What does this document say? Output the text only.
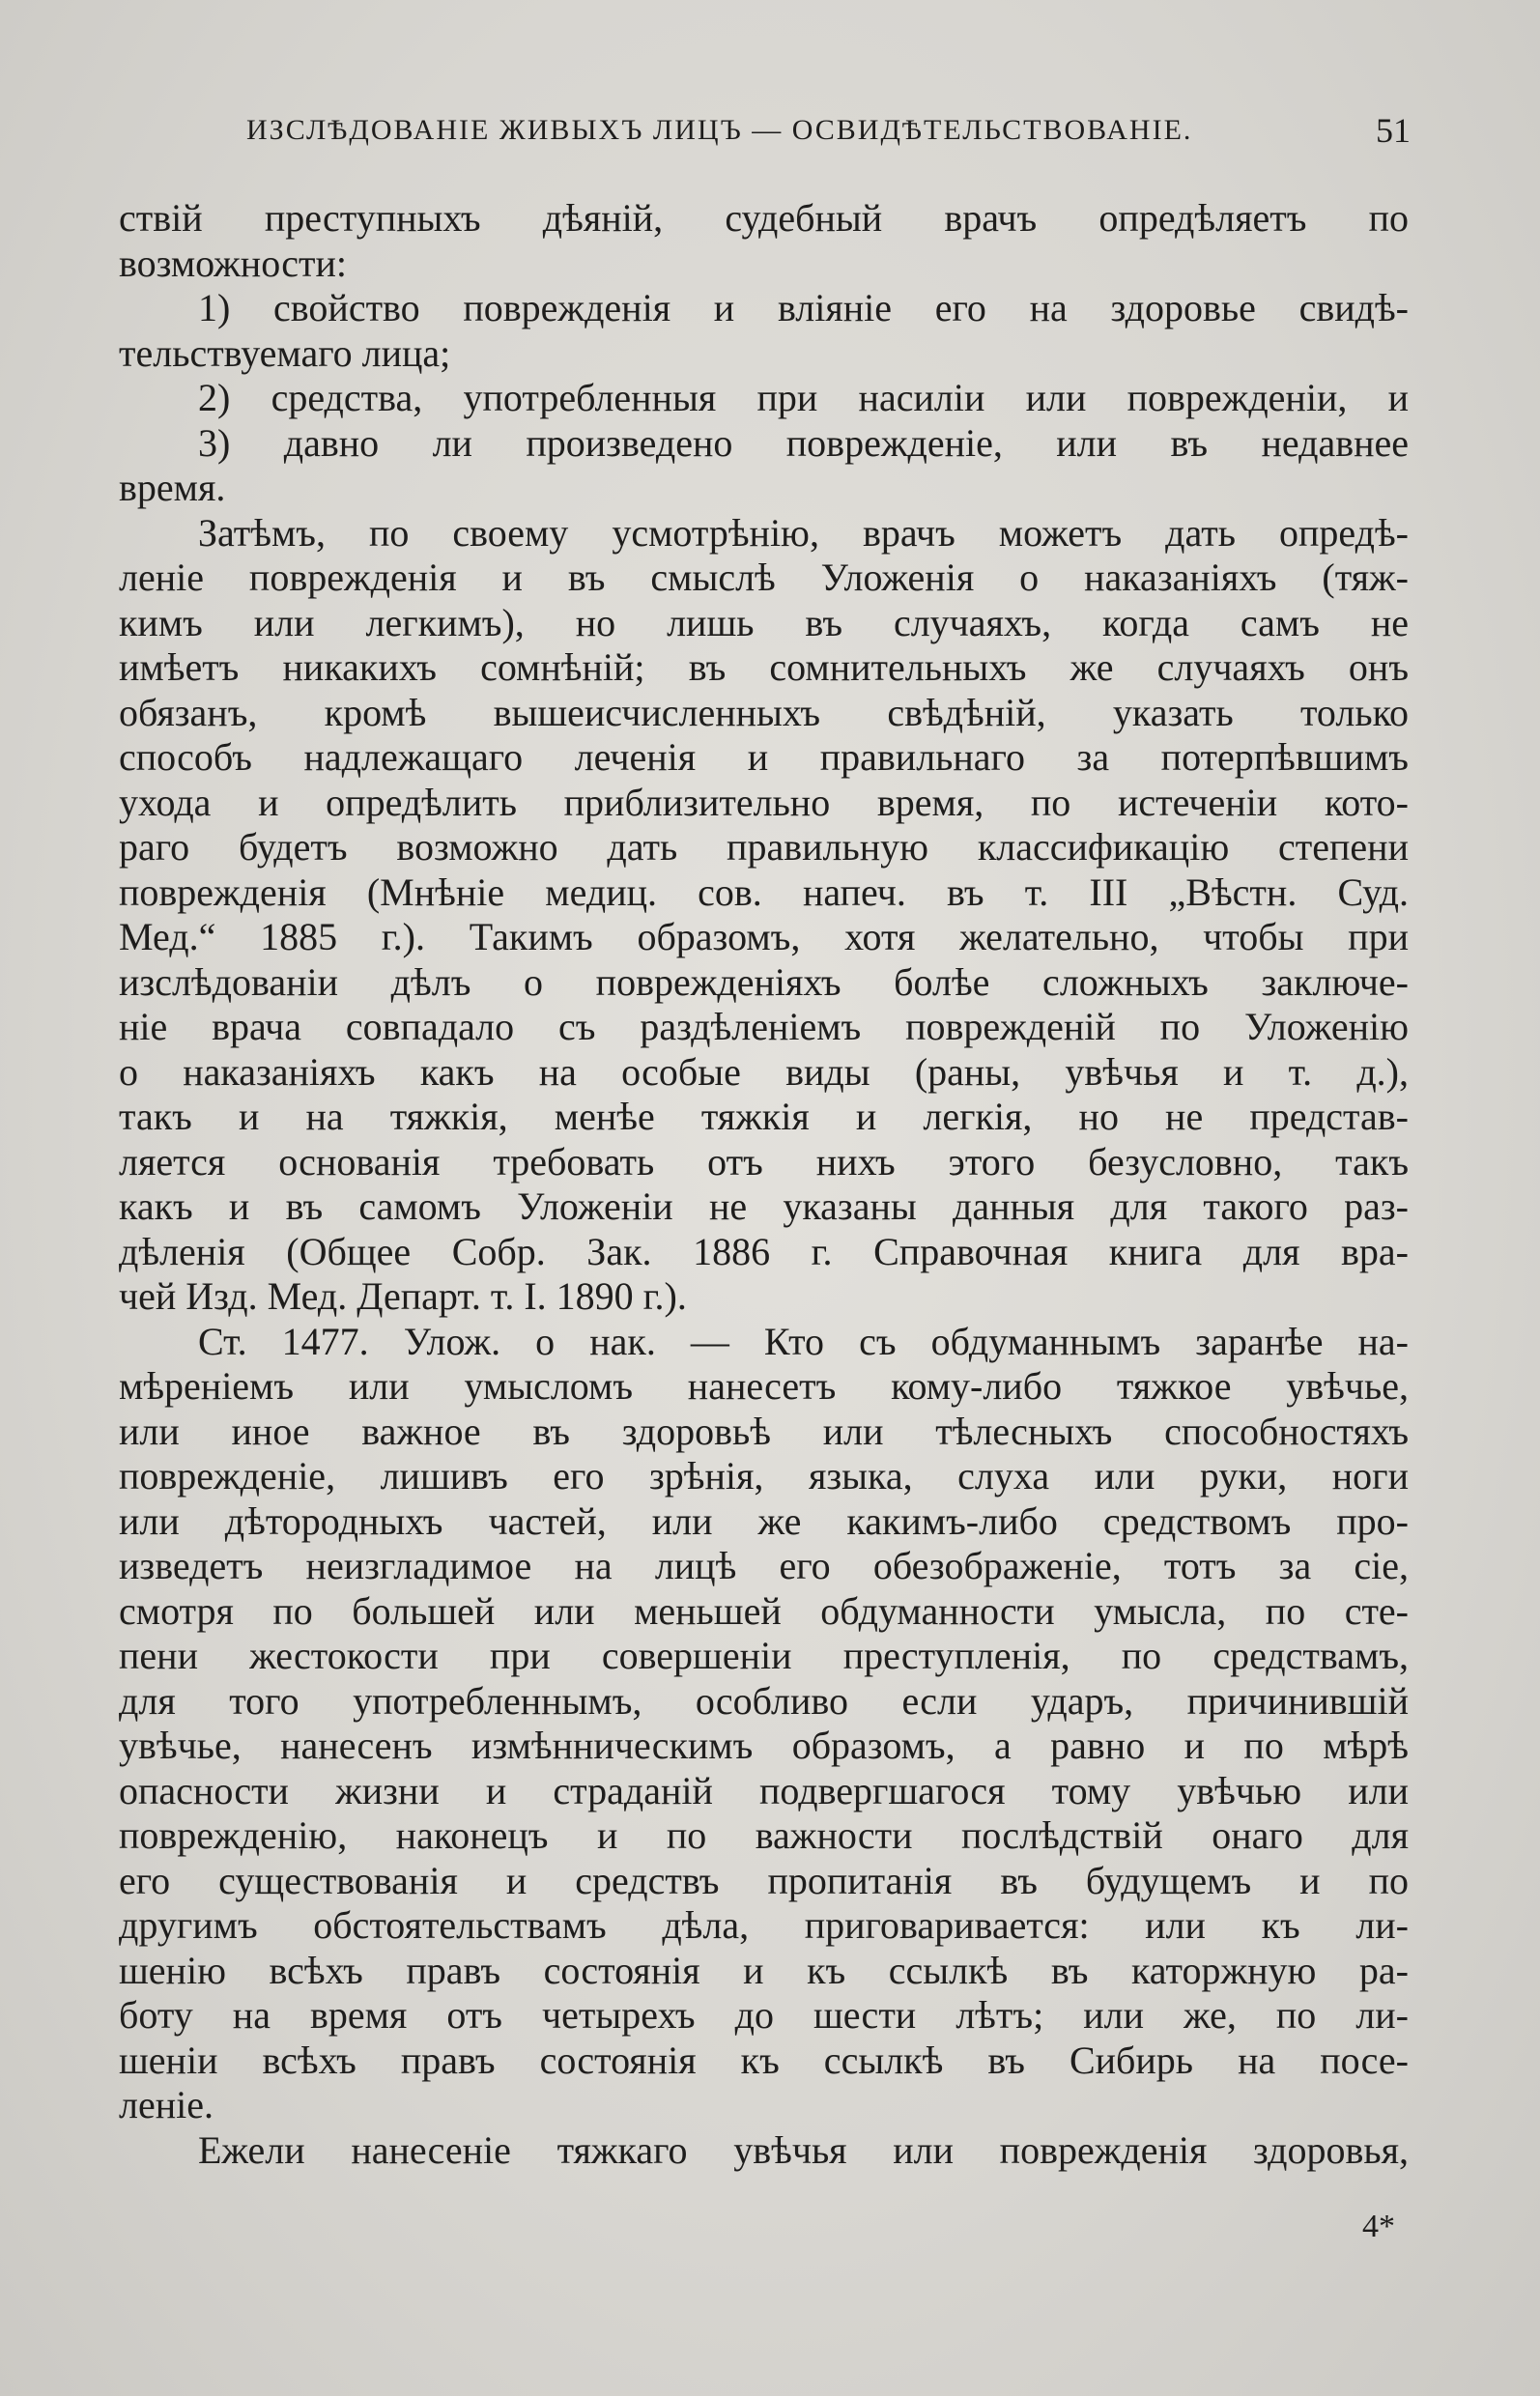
ИЗСЛѢДОВАНІЕ ЖИВЫХЪ ЛИЦЪ — ОСВИДѢТЕЛЬСТВОВАНІЕ.	51
ствій преступныхъ дѣяній, судебный врачъ опредѣляетъ по
возможности:
1) свойство поврежденія и вліяніе его на здоровье свидѣ-
тельствуемаго лица;
2) средства, употребленныя при насиліи или поврежденіи, и
3) давно ли произведено поврежденіе, или въ недавнее
время.
Затѣмъ, по своему усмотрѣнію, врачъ можетъ дать опредѣ-
леніе поврежденія и въ смыслѣ Уложенія о наказаніяхъ (тяж-
кимъ или легкимъ), но лишь въ случаяхъ, когда самъ не
имѣетъ никакихъ сомнѣній; въ сомнительныхъ же случаяхъ онъ
обязанъ, кромѣ вышеисчисленныхъ свѣдѣній, указать только
способъ надлежащаго леченія и правильнаго за потерпѣвшимъ
ухода и опредѣлить приблизительно время, по истеченіи кото-
раго будетъ возможно дать правильную классификацію степени
поврежденія (Мнѣніе медиц. сов. напеч. въ т. III „Вѣстн. Суд.
Мед.“ 1885 г.). Такимъ образомъ, хотя желательно, чтобы при
изслѣдованіи дѣлъ о поврежденіяхъ болѣе сложныхъ заключе-
ніе врача совпадало съ раздѣленіемъ поврежденій по Уложенію
о наказаніяхъ какъ на особые виды (раны, увѣчья и т. д.),
такъ и на тяжкія, менѣе тяжкія и легкія, но не представ-
ляется основанія требовать отъ нихъ этого безусловно, такъ
какъ и въ самомъ Уложеніи не указаны данныя для такого раз-
дѣленія (Общее Собр. Зак. 1886 г. Справочная книга для вра-
чей Изд. Мед. Департ. т. I. 1890 г.).
Ст. 1477. Улож. о нак. — Кто съ обдуманнымъ заранѣе на-
мѣреніемъ или умысломъ нанесетъ кому-либо тяжкое увѣчье,
или иное важное въ здоровьѣ или тѣлесныхъ способностяхъ
поврежденіе, лишивъ его зрѣнія, языка, слуха или руки, ноги
или дѣтородныхъ частей, или же какимъ-либо средствомъ про-
изведетъ неизгладимое на лицѣ его обезображеніе, тотъ за сіе,
смотря по большей или меньшей обдуманности умысла, по сте-
пени жестокости при совершеніи преступленія, по средствамъ,
для того употребленнымъ, особливо если ударъ, причинившій
увѣчье, нанесенъ измѣнническимъ образомъ, а равно и по мѣрѣ
опасности жизни и страданій подвергшагося тому увѣчью или
поврежденію, наконецъ и по важности послѣдствій онаго для
его существованія и средствъ пропитанія въ будущемъ и по
другимъ обстоятельствамъ дѣла, приговаривается: или къ ли-
шенію всѣхъ правъ состоянія и къ ссылкѣ въ каторжную ра-
боту на время отъ четырехъ до шести лѣтъ; или же, по ли-
шеніи всѣхъ правъ состоянія къ ссылкѣ въ Сибирь на посе-
леніе.
Ежели нанесеніе тяжкаго увѣчья или поврежденія здоровья,
4*
